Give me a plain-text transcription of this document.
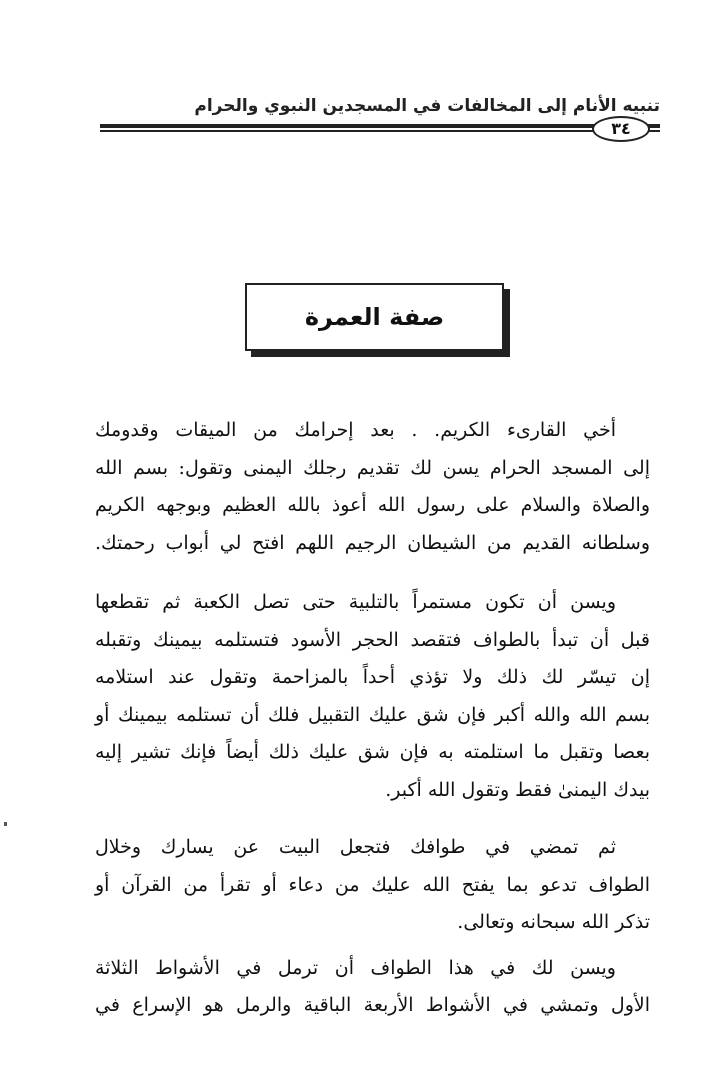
تنبيه الأنام إلى المخالفات في المسجدين النبوي والحرام
٣٤
صفة العمرة
أخي القارىء الكريم. . بعد إحرامك من الميقات وقدومك
إلى المسجد الحرام يسن لك تقديم رجلك اليمنى وتقول: بسم الله
والصلاة والسلام على رسول الله أعوذ بالله العظيم وبوجهه الكريم
وسلطانه القديم من الشيطان الرجيم اللهم افتح لي أبواب رحمتك.
ويسن أن تكون مستمراً بالتلبية حتى تصل الكعبة ثم تقطعها
قبل أن تبدأ بالطواف فتقصد الحجر الأسود فتستلمه بيمينك وتقبله
إن تيسّر لك ذلك ولا تؤذي أحداً بالمزاحمة وتقول عند استلامه
بسم الله والله أكبر فإن شق عليك التقبيل فلك أن تستلمه بيمينك أو
بعصا وتقبل ما استلمته به فإن شق عليك ذلك أيضاً فإنك تشير إليه
بيدك اليمنىٰ فقط وتقول الله أكبر.
ثم تمضي في طوافك فتجعل البيت عن يسارك وخلال
الطواف تدعو بما يفتح الله عليك من دعاء أو تقرأ من القرآن أو
تذكر الله سبحانه وتعالى.
ويسن لك في هذا الطواف أن ترمل في الأشواط الثلاثة
الأول وتمشي في الأشواط الأربعة الباقية والرمل هو الإسراع في
